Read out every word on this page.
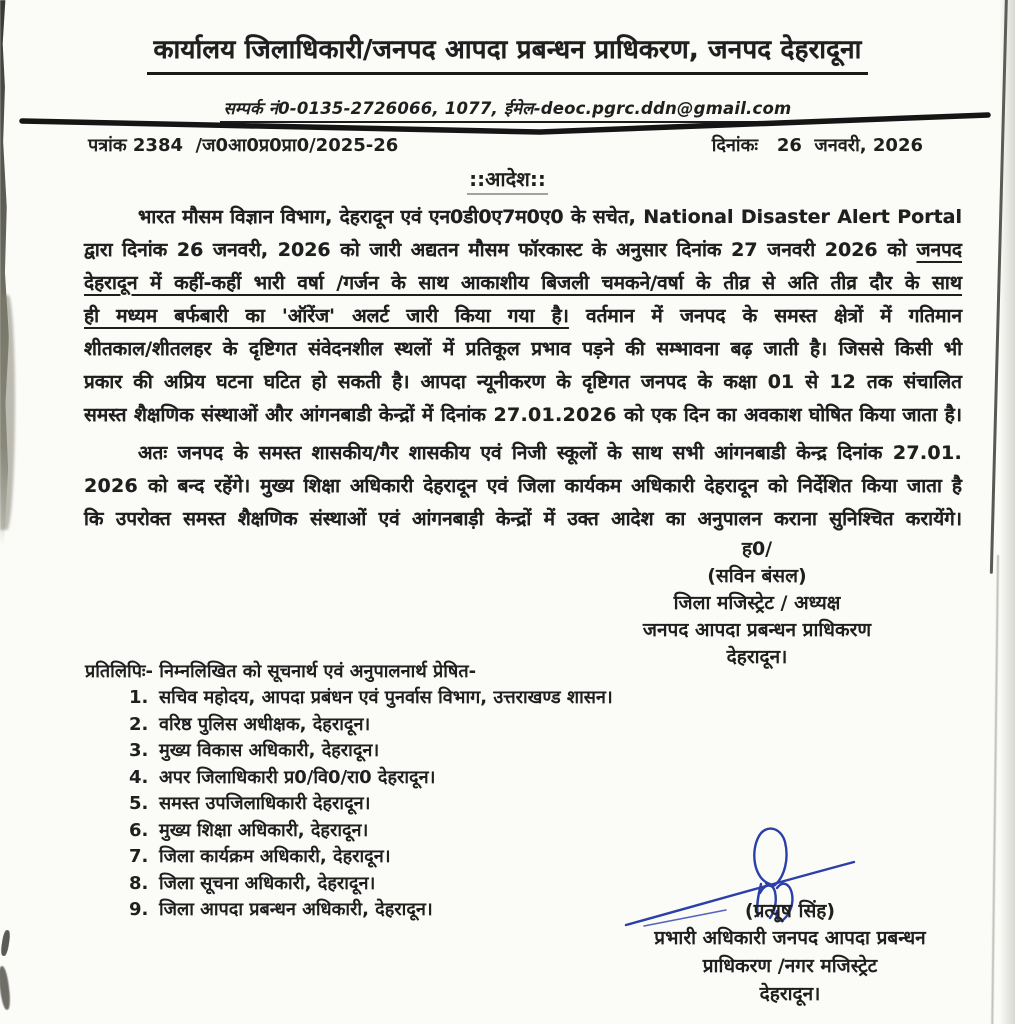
कार्यालय जिलाधिकारी/जनपद आपदा प्रबन्धन प्राधिकरण, जनपद देहरादूना
सम्पर्क नं0-0135-2726066, 1077, ईमेल-deoc.pgrc.ddn@gmail.com

पत्रांक 2384  /ज0आ0प्र0प्रा0/2025-26

	दिनांकः   26  जनवरी, 2026

::आदेश::
भारत मौसम विज्ञान विभाग, देहरादून एवं एन0डी0ए7म0ए0 के सचेत, National Disaster Alert Portal
द्वारा दिनांक 26 जनवरी, 2026 को जारी अद्यतन मौसम फॉरकास्ट के अनुसार दिनांक 27 जनवरी 2026 को जनपद
देहरादून में कहीं-कहीं भारी वर्षा /गर्जन के साथ आकाशीय बिजली चमकने/वर्षा के तीव्र से अति तीव्र दौर के साथ
ही मध्यम बर्फबारी का 'ऑरेंज' अलर्ट जारी किया गया है। वर्तमान में जनपद के समस्त क्षेत्रों में गतिमान
शीतकाल/शीतलहर के दृष्टिगत संवेदनशील स्थलों में प्रतिकूल प्रभाव पड़ने की सम्भावना बढ़ जाती है। जिससे किसी भी
प्रकार की अप्रिय घटना घटित हो सकती है। आपदा न्यूनीकरण के दृष्टिगत जनपद के कक्षा 01 से 12 तक संचालित
समस्त शैक्षणिक संस्थाओं और आंगनबाडी केन्द्रों में दिनांक 27.01.2026 को एक दिन का अवकाश घोषित किया जाता है।
अतः जनपद के समस्त शासकीय/गैर शासकीय एवं निजी स्कूलों के साथ सभी आंगनबाडी केन्द्र दिनांक 27.01.
2026 को बन्द रहेंगे। मुख्य शिक्षा अधिकारी देहरादून एवं जिला कार्यकम अधिकारी देहरादून को निर्देशित किया जाता है
कि उपरोक्त समस्त शैक्षणिक संस्थाओं एवं आंगनबाड़ी केन्द्रों में उक्त आदेश का अनुपालन कराना सुनिश्चित करायेंगे।
ह0/
(सविन बंसल)
जिला मजिस्ट्रेट / अध्यक्ष
जनपद आपदा प्रबन्धन प्राधिकरण
देहरादून।
प्रतिलिपिः- निम्नलिखित को सूचनार्थ एवं अनुपालनार्थ प्रेषित-
1. सचिव महोदय, आपदा प्रबंधन एवं पुनर्वास विभाग, उत्तराखण्ड शासन।
2. वरिष्ठ पुलिस अधीक्षक, देहरादून।
3. मुख्य विकास अधिकारी, देहरादून।
4. अपर जिलाधिकारी प्र0/वि0/रा0 देहरादून।
5. समस्त उपजिलाधिकारी देहरादून।
6. मुख्य शिक्षा अधिकारी, देहरादून।
7. जिला कार्यक्रम अधिकारी, देहरादून।
8. जिला सूचना अधिकारी, देहरादून।
9. जिला आपदा प्रबन्धन अधिकारी, देहरादून।	(प्रत्यूष सिंह)
प्रभारी अधिकारी जनपद आपदा प्रबन्धन
प्राधिकरण /नगर मजिस्ट्रेट
देहरादून।
